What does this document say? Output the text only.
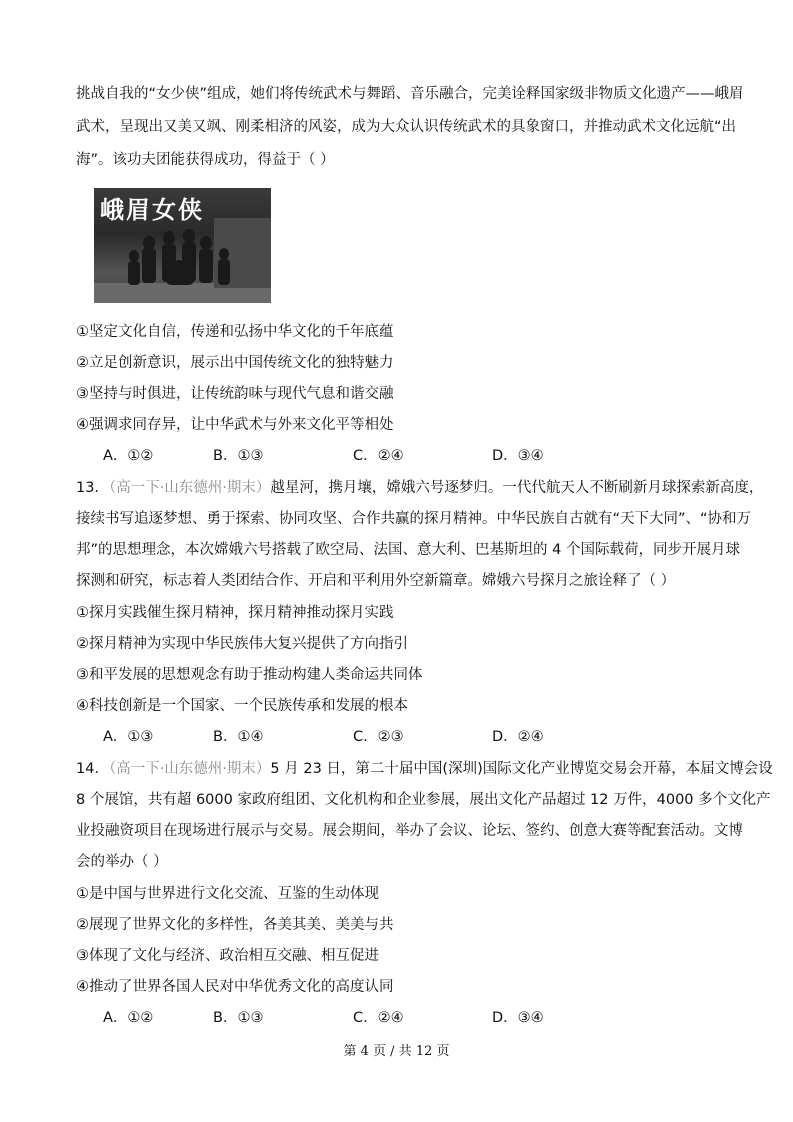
挑战自我的“女少侠”组成，她们将传统武术与舞蹈、音乐融合，完美诠释国家级非物质文化遗产——峨眉
武术，呈现出又美又飒、刚柔相济的风姿，成为大众认识传统武术的具象窗口，并推动武术文化远航“出
海”。该功夫团能获得成功，得益于（ ）
峨眉女侠
①坚定文化自信，传递和弘扬中华文化的千年底蕴
②立足创新意识，展示出中国传统文化的独特魅力
③坚持与时俱进，让传统韵味与现代气息和谐交融
④强调求同存异，让中华武术与外来文化平等相处
A．①②	B．①③	C．②④	D．③④
13．（高一下·山东德州·期末）越星河，携月壤，嫦娥六号逐梦归。一代代航天人不断刷新月球探索新高度，
接续书写追逐梦想、勇于探索、协同攻坚、合作共赢的探月精神。中华民族自古就有“天下大同”、“协和万
邦”的思想理念，本次嫦娥六号搭载了欧空局、法国、意大利、巴基斯坦的 4 个国际载荷，同步开展月球
探测和研究，标志着人类团结合作、开启和平利用外空新篇章。嫦娥六号探月之旅诠释了（ ）
①探月实践催生探月精神，探月精神推动探月实践
②探月精神为实现中华民族伟大复兴提供了方向指引
③和平发展的思想观念有助于推动构建人类命运共同体
④科技创新是一个国家、一个民族传承和发展的根本
A．①③	B．①④	C．②③	D．②④
14．（高一下·山东德州·期末）5 月 23 日，第二十届中国(深圳)国际文化产业博览交易会开幕，本届文博会设
8 个展馆，共有超 6000 家政府组团、文化机构和企业参展，展出文化产品超过 12 万件，4000 多个文化产
业投融资项目在现场进行展示与交易。展会期间，举办了会议、论坛、签约、创意大赛等配套活动。文博
会的举办（ ）
①是中国与世界进行文化交流、互鉴的生动体现
②展现了世界文化的多样性，各美其美、美美与共
③体现了文化与经济、政治相互交融、相互促进
④推动了世界各国人民对中华优秀文化的高度认同
A．①②	B．①③	C．②④	D．③④
第 4 页 / 共 12 页
